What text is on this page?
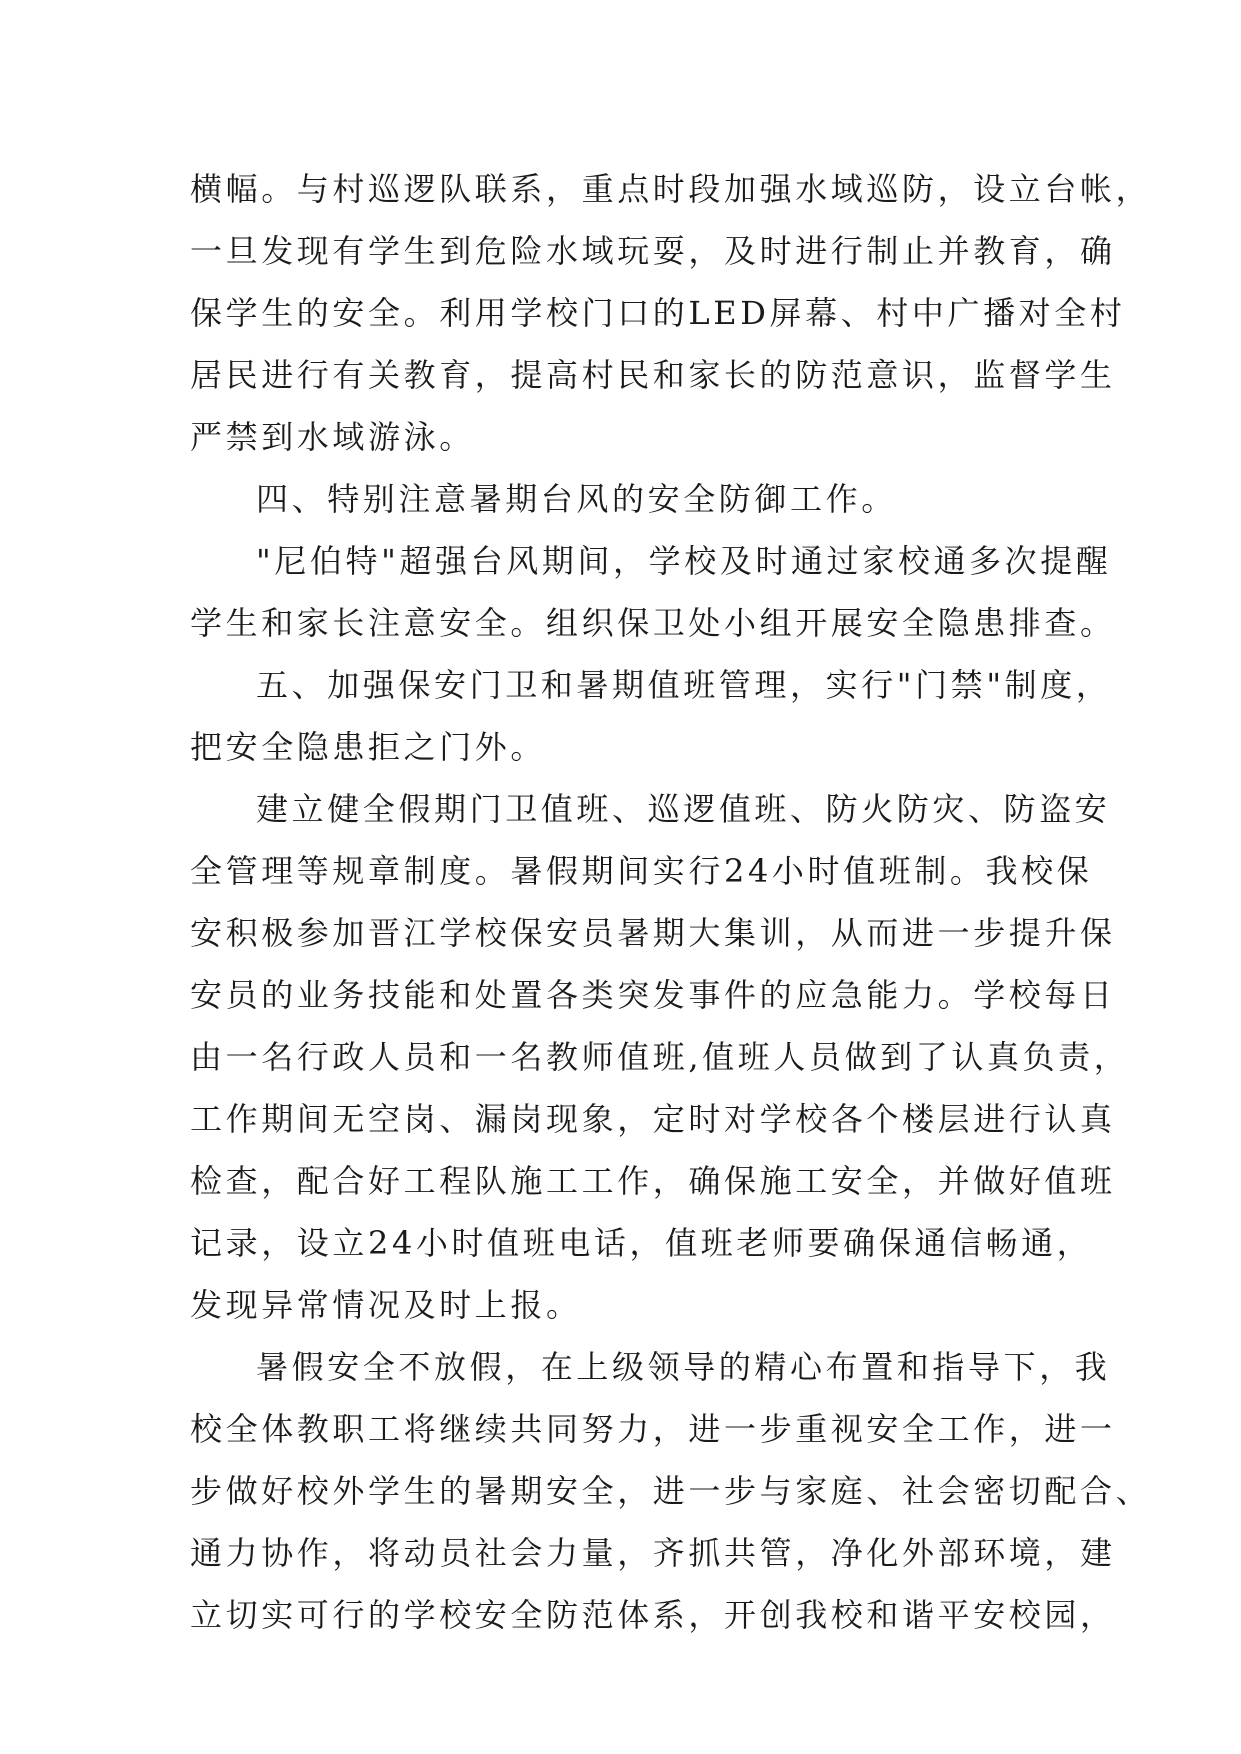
横幅。与村巡逻队联系，重点时段加强水域巡防，设立台帐，
一旦发现有学生到危险水域玩耍，及时进行制止并教育，确
保学生的安全。利用学校门口的LED屏幕、村中广播对全村
居民进行有关教育，提高村民和家长的防范意识，监督学生
严禁到水域游泳。
四、特别注意暑期台风的安全防御工作。
"尼伯特"超强台风期间，学校及时通过家校通多次提醒
学生和家长注意安全。组织保卫处小组开展安全隐患排查。
五、加强保安门卫和暑期值班管理，实行"门禁"制度，
把安全隐患拒之门外。
建立健全假期门卫值班、巡逻值班、防火防灾、防盗安
全管理等规章制度。暑假期间实行24小时值班制。我校保
安积极参加晋江学校保安员暑期大集训，从而进一步提升保
安员的业务技能和处置各类突发事件的应急能力。学校每日
由一名行政人员和一名教师值班,值班人员做到了认真负责，
工作期间无空岗、漏岗现象，定时对学校各个楼层进行认真
检查，配合好工程队施工工作，确保施工安全，并做好值班
记录，设立24小时值班电话，值班老师要确保通信畅通，
发现异常情况及时上报。
暑假安全不放假，在上级领导的精心布置和指导下，我
校全体教职工将继续共同努力，进一步重视安全工作，进一
步做好校外学生的暑期安全，进一步与家庭、社会密切配合、
通力协作，将动员社会力量，齐抓共管，净化外部环境，建
立切实可行的学校安全防范体系，开创我校和谐平安校园，
